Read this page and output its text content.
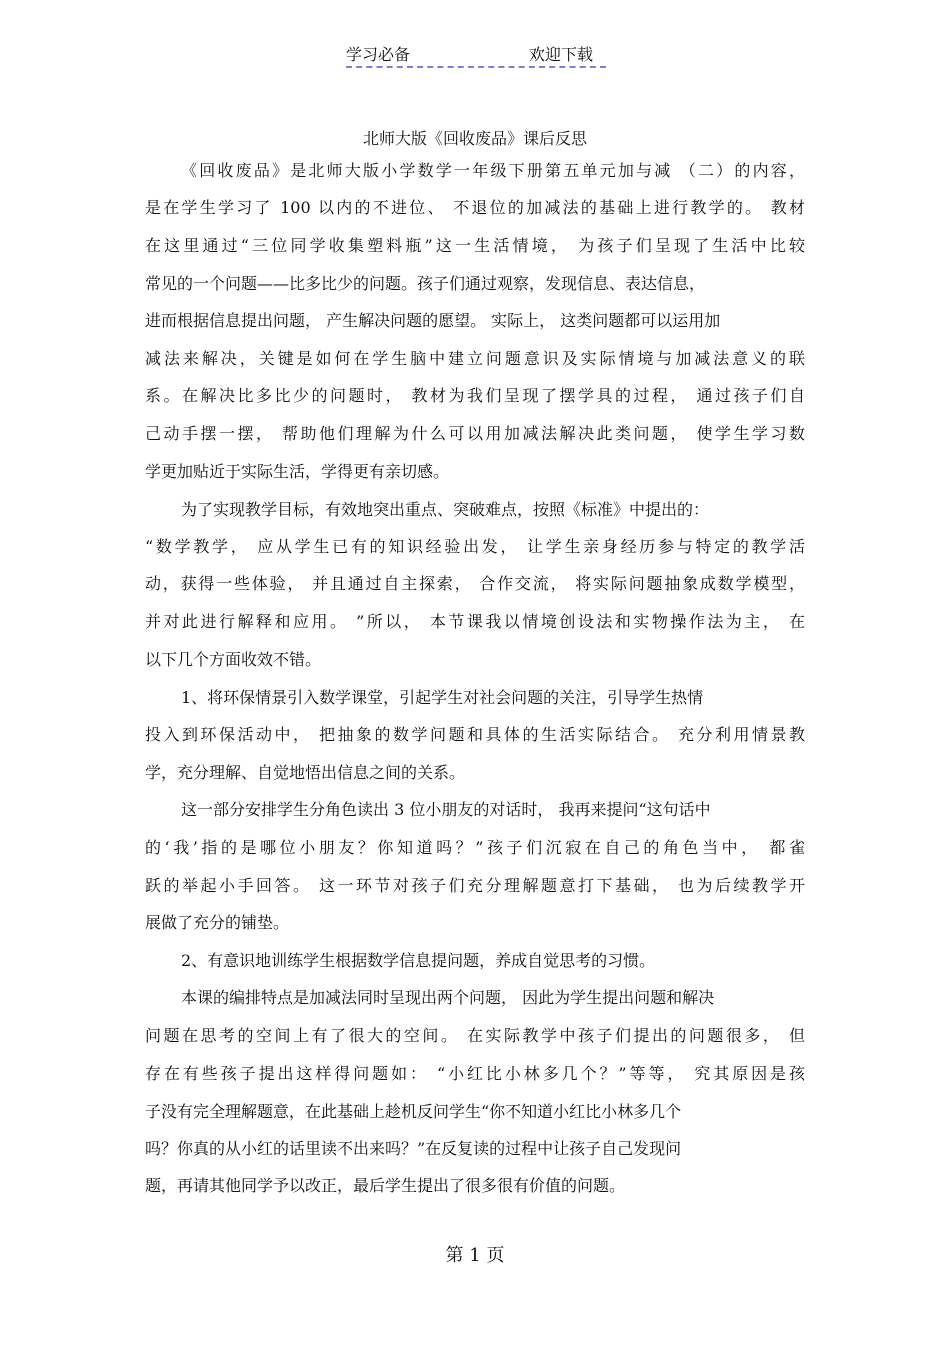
学习必备	欢迎下载
北师大版《回收废品》课后反思
《回收废品》是北师大版小学数学一年级下册第五单元加与减 （二）的内容，
是在学生学习了 100 以内的不进位、 不退位的加减法的基础上进行教学的。 教材
在这里通过“三位同学收集塑料瓶”这一生活情境， 为孩子们呈现了生活中比较
常见的一个问题——比多比少的问题。孩子们通过观察，发现信息、表达信息，
进而根据信息提出问题， 产生解决问题的愿望。 实际上， 这类问题都可以运用加
减法来解决，关键是如何在学生脑中建立问题意识及实际情境与加减法意义的联
系。在解决比多比少的问题时， 教材为我们呈现了摆学具的过程， 通过孩子们自
己动手摆一摆， 帮助他们理解为什么可以用加减法解决此类问题， 使学生学习数
学更加贴近于实际生活，学得更有亲切感。
为了实现教学目标，有效地突出重点、突破难点，按照《标准》中提出的：
“数学教学， 应从学生已有的知识经验出发， 让学生亲身经历参与特定的教学活
动，获得一些体验， 并且通过自主探索， 合作交流， 将实际问题抽象成数学模型，
并对此进行解释和应用。 ”所以， 本节课我以情境创设法和实物操作法为主， 在
以下几个方面收效不错。
1、将环保情景引入数学课堂，引起学生对社会问题的关注，引导学生热情
投入到环保活动中， 把抽象的数学问题和具体的生活实际结合。 充分利用情景教
学，充分理解、自觉地悟出信息之间的关系。
这一部分安排学生分角色读出 3 位小朋友的对话时， 我再来提问“这句话中
的‘我’指的是哪位小朋友？你知道吗？”孩子们沉寂在自己的角色当中， 都雀
跃的举起小手回答。 这一环节对孩子们充分理解题意打下基础， 也为后续教学开
展做了充分的铺垫。
2、有意识地训练学生根据数学信息提问题，养成自觉思考的习惯。
本课的编排特点是加减法同时呈现出两个问题， 因此为学生提出问题和解决
问题在思考的空间上有了很大的空间。 在实际教学中孩子们提出的问题很多， 但
存在有些孩子提出这样得问题如： “小红比小林多几个？”等等， 究其原因是孩
子没有完全理解题意，在此基础上趁机反问学生“你不知道小红比小林多几个
吗？你真的从小红的话里读不出来吗？”在反复读的过程中让孩子自己发现问
题，再请其他同学予以改正，最后学生提出了很多很有价值的问题。
第 1 页
